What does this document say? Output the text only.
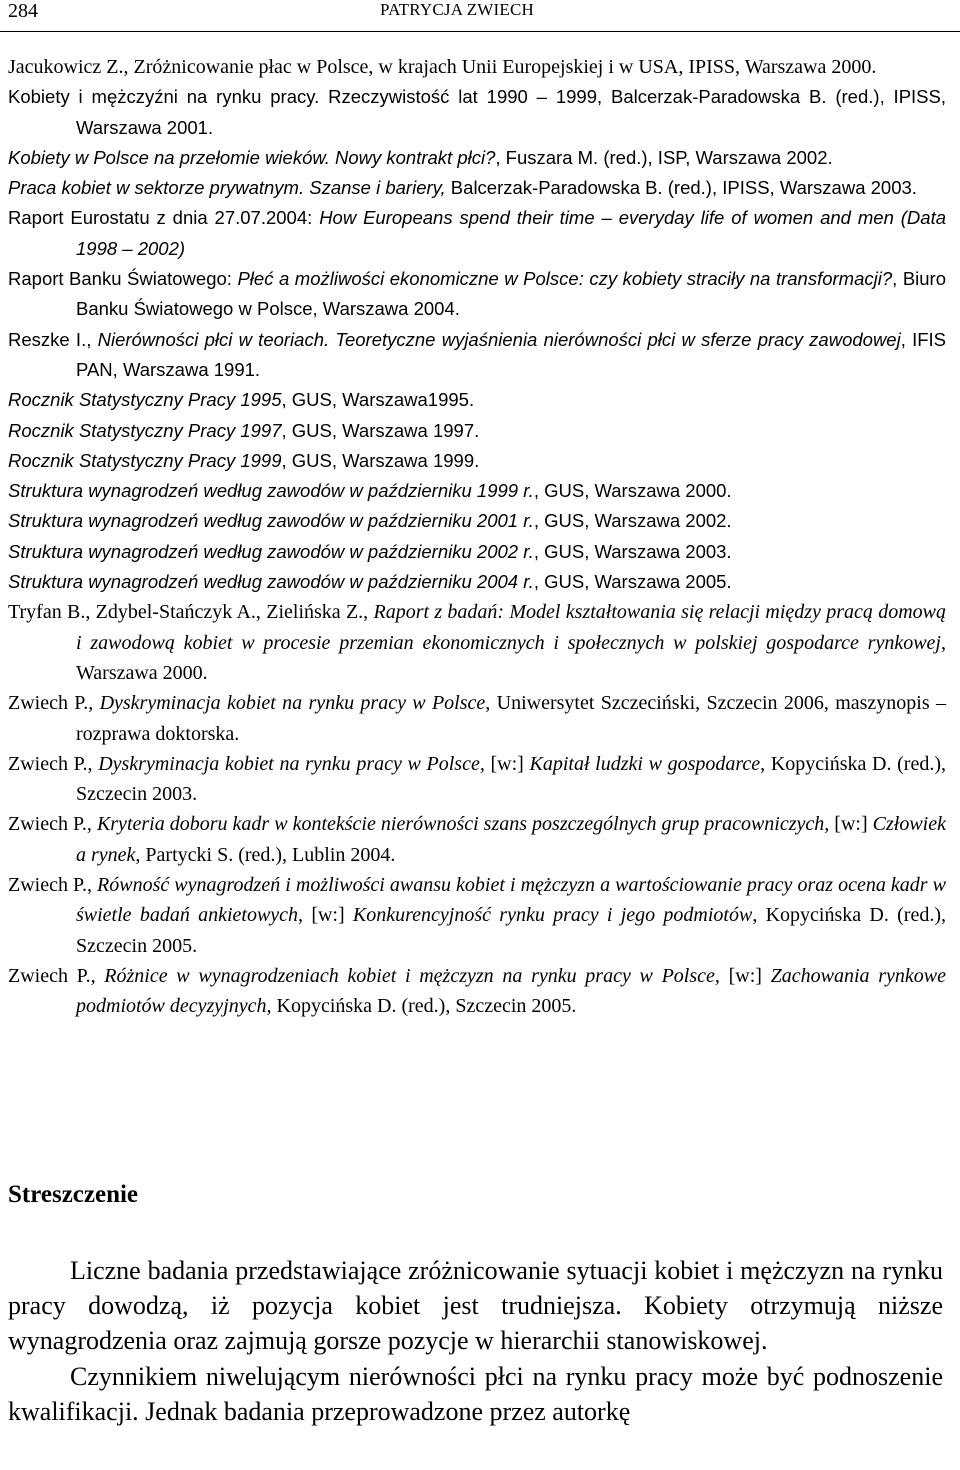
284	PATRYCJA ZWIECH

Jacukowicz Z., Zróżnicowanie płac w Polsce, w krajach Unii Europejskiej i w USA, IPISS, Warszawa 2000.

Kobiety i mężczyźni na rynku pracy. Rzeczywistość lat 1990 – 1999, Balcerzak-Paradowska B. (red.), IPISS, Warszawa 2001.

Kobiety w Polsce na przełomie wieków. Nowy kontrakt płci?, Fuszara M. (red.), ISP, Warszawa 2002.

Praca kobiet w sektorze prywatnym. Szanse i bariery, Balcerzak-Paradowska B. (red.), IPISS, Warszawa 2003.

Raport Eurostatu z dnia 27.07.2004: How Europeans spend their time – everyday life of women and men (Data 1998 – 2002)

Raport Banku Światowego: Płeć a możliwości ekonomiczne w Polsce: czy kobiety straciły na transformacji?, Biuro Banku Światowego w Polsce, Warszawa 2004.

Reszke I., Nierówności płci w teoriach. Teoretyczne wyjaśnienia nierówności płci w sferze pracy zawodowej, IFIS PAN, Warszawa 1991.

Rocznik Statystyczny Pracy 1995, GUS, Warszawa1995.

Rocznik Statystyczny Pracy 1997, GUS, Warszawa 1997.

Rocznik Statystyczny Pracy 1999, GUS, Warszawa 1999.

Struktura wynagrodzeń według zawodów w październiku 1999 r., GUS, Warszawa 2000.

Struktura wynagrodzeń według zawodów w październiku 2001 r., GUS, Warszawa 2002.

Struktura wynagrodzeń według zawodów w październiku 2002 r., GUS, Warszawa 2003.

Struktura wynagrodzeń według zawodów w październiku 2004 r., GUS, Warszawa 2005.

Tryfan B., Zdybel-Stańczyk A., Zielińska Z., Raport z badań: Model kształtowania się relacji między pracą domową i zawodową kobiet w procesie przemian ekonomicznych i społecznych w polskiej gospodarce rynkowej, Warszawa 2000.

Zwiech P., Dyskryminacja kobiet na rynku pracy w Polsce, Uniwersytet Szczeciński, Szczecin 2006, maszynopis – rozprawa doktorska.

Zwiech P., Dyskryminacja kobiet na rynku pracy w Polsce, [w:] Kapitał ludzki w gospodarce, Kopycińska D. (red.), Szczecin 2003.

Zwiech P., Kryteria doboru kadr w kontekście nierówności szans poszczególnych grup pracowniczych, [w:] Człowiek a rynek, Partycki S. (red.), Lublin 2004.

Zwiech P., Równość wynagrodzeń i możliwości awansu kobiet i mężczyzn a wartościowanie pracy oraz ocena kadr w świetle badań ankietowych, [w:] Konkurencyjność rynku pracy i jego podmiotów, Kopycińska D. (red.), Szczecin 2005.

Zwiech P., Różnice w wynagrodzeniach kobiet i mężczyzn na rynku pracy w Polsce, [w:] Zachowania rynkowe podmiotów decyzyjnych, Kopycińska D. (red.), Szczecin 2005.

Streszczenie

Liczne badania przedstawiające zróżnicowanie sytuacji kobiet i mężczyzn na rynku pracy dowodzą, iż pozycja kobiet jest trudniejsza. Kobiety otrzymują niższe wynagrodzenia oraz zajmują gorsze pozycje w hierarchii stanowiskowej.

Czynnikiem niwelującym nierówności płci na rynku pracy może być podnoszenie kwalifikacji. Jednak badania przeprowadzone przez autorkę
